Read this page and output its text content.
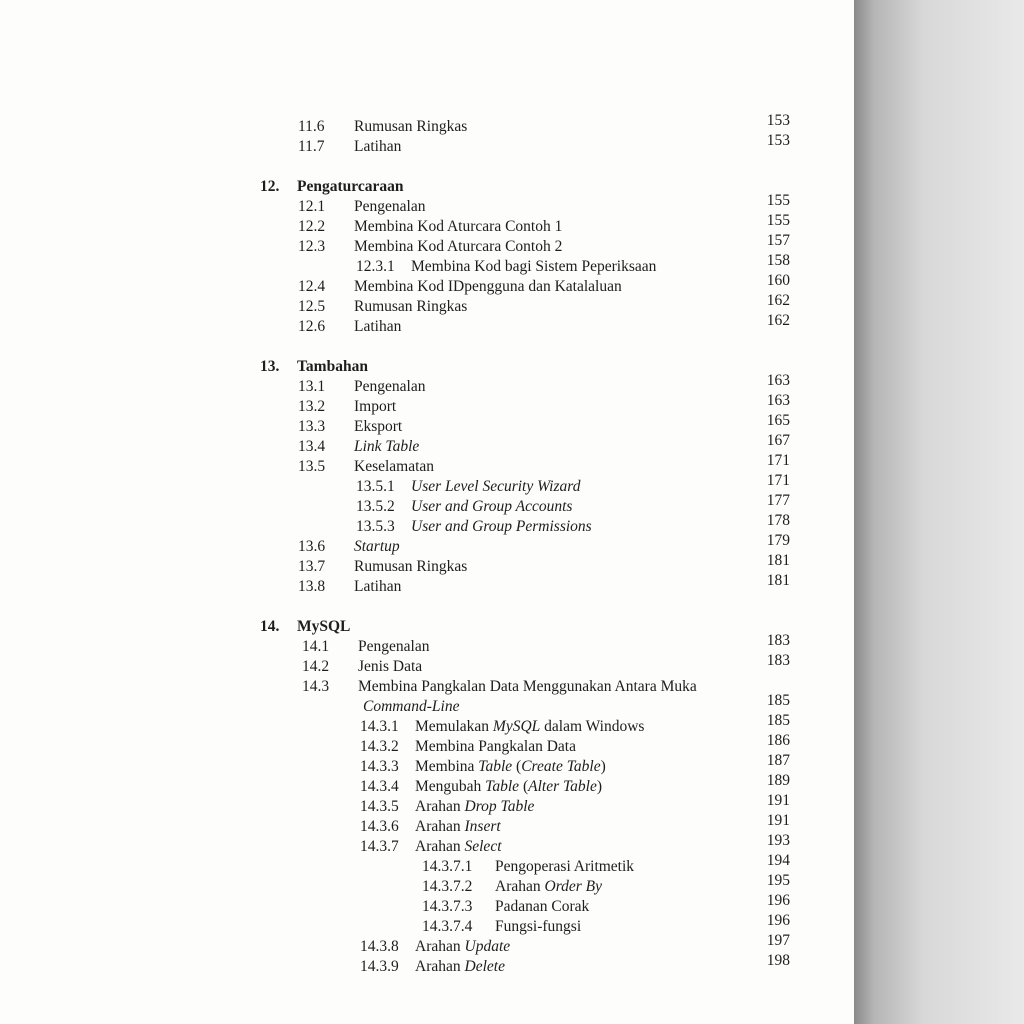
11.6 Rumusan Ringkas	153
11.7 Latihan	153
12. Pengaturcaraan
12.1 Pengenalan	155
12.2 Membina Kod Aturcara Contoh 1	155
12.3 Membina Kod Aturcara Contoh 2	157
12.3.1 Membina Kod bagi Sistem Peperiksaan	158
12.4 Membina Kod IDpengguna dan Katalaluan	160
12.5 Rumusan Ringkas	162
12.6 Latihan	162
13. Tambahan
13.1 Pengenalan	163
13.2 Import	163
13.3 Eksport	165
13.4 Link Table	167
13.5 Keselamatan	171
13.5.1 User Level Security Wizard	171
13.5.2 User and Group Accounts	177
13.5.3 User and Group Permissions	178
13.6 Startup	179
13.7 Rumusan Ringkas	181
13.8 Latihan	181
14. MySQL
14.1 Pengenalan	183
14.2 Jenis Data	183
14.3 Membina Pangkalan Data Menggunakan Antara Muka
Command-Line	185
14.3.1 Memulakan MySQL dalam Windows	185
14.3.2 Membina Pangkalan Data	186
14.3.3 Membina Table (Create Table)	187
14.3.4 Mengubah Table (Alter Table)	189
14.3.5 Arahan Drop Table	191
14.3.6 Arahan Insert	191
14.3.7 Arahan Select	193
14.3.7.1 Pengoperasi Aritmetik	194
14.3.7.2 Arahan Order By	195
14.3.7.3 Padanan Corak	196
14.3.7.4 Fungsi-fungsi	196
14.3.8 Arahan Update	197
14.3.9 Arahan Delete	198
